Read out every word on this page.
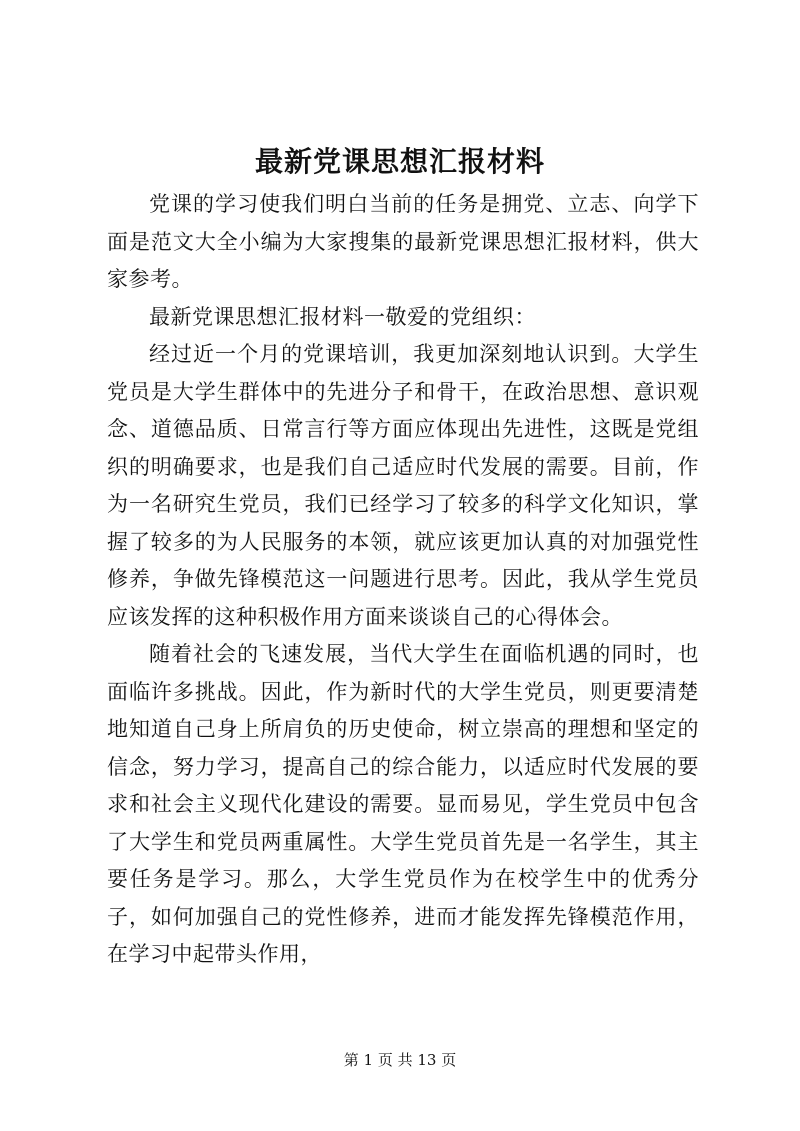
最新党课思想汇报材料

党课的学习使我们明白当前的任务是拥党、立志、向学下面是范文大全小编为大家搜集的最新党课思想汇报材料，供大家参考。

最新党课思想汇报材料一敬爱的党组织：

经过近一个月的党课培训，我更加深刻地认识到。大学生党员是大学生群体中的先进分子和骨干，在政治思想、意识观念、道德品质、日常言行等方面应体现出先进性，这既是党组织的明确要求，也是我们自己适应时代发展的需要。目前，作为一名研究生党员，我们已经学习了较多的科学文化知识，掌握了较多的为人民服务的本领，就应该更加认真的对加强党性修养，争做先锋模范这一问题进行思考。因此，我从学生党员应该发挥的这种积极作用方面来谈谈自己的心得体会。

随着社会的飞速发展，当代大学生在面临机遇的同时，也面临许多挑战。因此，作为新时代的大学生党员，则更要清楚地知道自己身上所肩负的历史使命，树立崇高的理想和坚定的信念，努力学习，提高自己的综合能力，以适应时代发展的要求和社会主义现代化建设的需要。显而易见，学生党员中包含了大学生和党员两重属性。大学生党员首先是一名学生，其主要任务是学习。那么，大学生党员作为在校学生中的优秀分子，如何加强自己的党性修养，进而才能发挥先锋模范作用，在学习中起带头作用，

第 1 页 共 13 页
